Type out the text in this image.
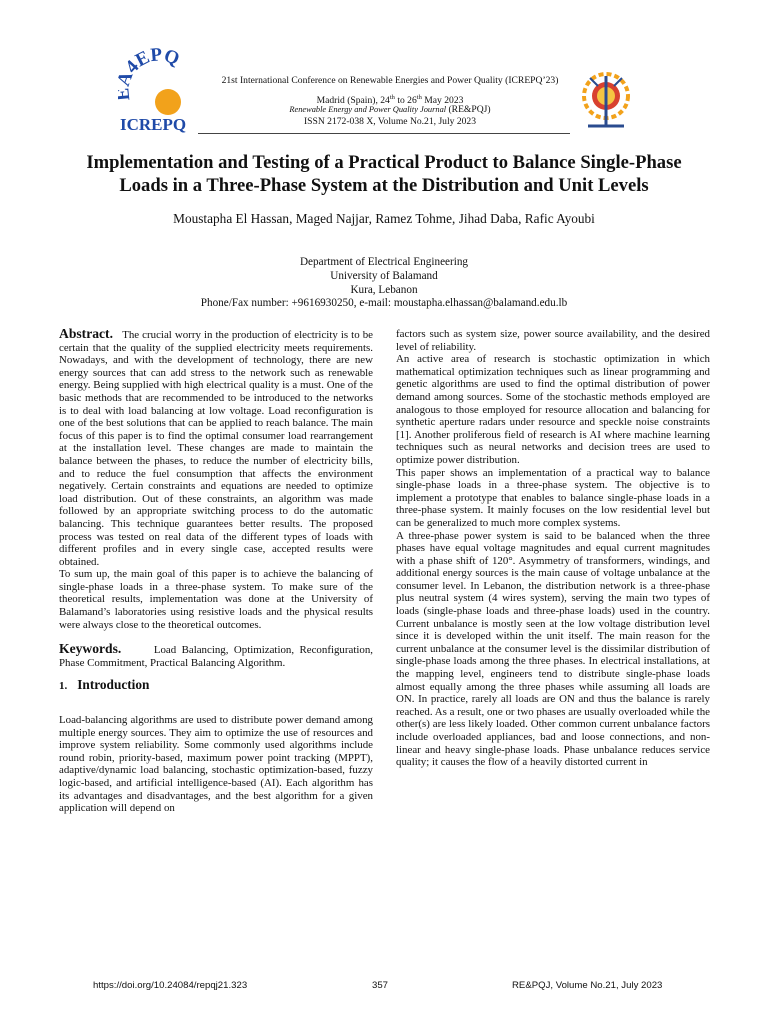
4EPQ
ICREPQ
21st International Conference on Renewable Energies and Power Quality (ICREPQ’23)
Madrid (Spain), 24th to 26th May 2023
Renewable Energy and Power Quality Journal (RE&PQJ)
ISSN 2172-038 X, Volume No.21, July 2023
Implementation and Testing of a Practical Product to Balance Single-Phase
Loads in a Three-Phase System at the Distribution and Unit Levels
Moustapha El Hassan, Maged Najjar, Ramez Tohme, Jihad Daba, Rafic Ayoubi
Department of Electrical Engineering
University of Balamand
Kura, Lebanon
Phone/Fax number: +9616930250, e-mail: moustapha.elhassan@balamand.edu.lb

Abstract. The crucial worry in the production of electricity is to be certain that the quality of the supplied electricity meets requirements. Nowadays, and with the development of technology, there are new energy sources that can add stress to the network such as renewable energy. Being supplied with high electrical quality is a must. One of the basic methods that are recommended to be introduced to the networks is to deal with load balancing at low voltage. Load reconfiguration is one of the best solutions that can be applied to reach balance. The main focus of this paper is to find the optimal consumer load rearrangement at the installation level. These changes are made to maintain the balance between the phases, to reduce the number of electricity bills, and to reduce the fuel consumption that affects the environment negatively. Certain constraints and equations are needed to optimize load distribution. Out of these constraints, an algorithm was made followed by an appropriate switching process to do the automatic balancing. This technique guarantees better results. The proposed process was tested on real data of the different types of loads with different profiles and in every single case, accepted results were obtained.

To sum up, the main goal of this paper is to achieve the balancing of single-phase loads in a three-phase system. To make sure of the theoretical results, implementation was done at the University of Balamand’s laboratories using resistive loads and the physical results were always close to the theoretical outcomes.

Keywords.	Load Balancing, Optimization, Reconfiguration, Phase Commitment, Practical Balancing Algorithm.

1. Introduction

Load-balancing algorithms are used to distribute power demand among multiple energy sources. They aim to optimize the use of resources and improve system reliability. Some commonly used algorithms include round robin, priority-based, maximum power point tracking (MPPT), adaptive/dynamic load balancing, stochastic optimization-based, fuzzy logic-based, and artificial intelligence-based (AI). Each algorithm has its advantages and disadvantages, and the best algorithm for a given application will depend on

factors such as system size, power source availability, and the desired level of reliability.

An active area of research is stochastic optimization in which mathematical optimization techniques such as linear programming and genetic algorithms are used to find the optimal distribution of power demand among sources. Some of the stochastic methods employed are analogous to those employed for resource allocation and balancing for synthetic aperture radars under resource and speckle noise constraints [1]. Another proliferous field of research is AI where machine learning techniques such as neural networks and decision trees are used to optimize power distribution.

This paper shows an implementation of a practical way to balance single-phase loads in a three-phase system. The objective is to implement a prototype that enables to balance single-phase loads in a three-phase system. It mainly focuses on the low residential level but can be generalized to much more complex systems.

A three-phase power system is said to be balanced when the three phases have equal voltage magnitudes and equal current magnitudes with a phase shift of 120°. Asymmetry of transformers, windings, and additional energy sources is the main cause of voltage unbalance at the consumer level. In Lebanon, the distribution network is a three-phase plus neutral system (4 wires system), serving the main two types of loads (single-phase loads and three-phase loads) used in the country. Current unbalance is mostly seen at the low voltage distribution level since it is developed within the unit itself. The main reason for the current unbalance at the consumer level is the dissimilar distribution of single-phase loads among the three phases. In electrical installations, at the mapping level, engineers tend to distribute single-phase loads almost equally among the three phases while assuming all loads are ON. In practice, rarely all loads are ON and thus the balance is rarely reached. As a result, one or two phases are usually overloaded while the other(s) are less likely loaded. Other common current unbalance factors include overloaded appliances, bad and loose connections, and non-linear and heavy single-phase loads. Phase unbalance reduces service quality; it causes the flow of a heavily distorted current in

https://doi.org/10.24084/repqj21.323	357	RE&PQJ, Volume No.21, July 2023
